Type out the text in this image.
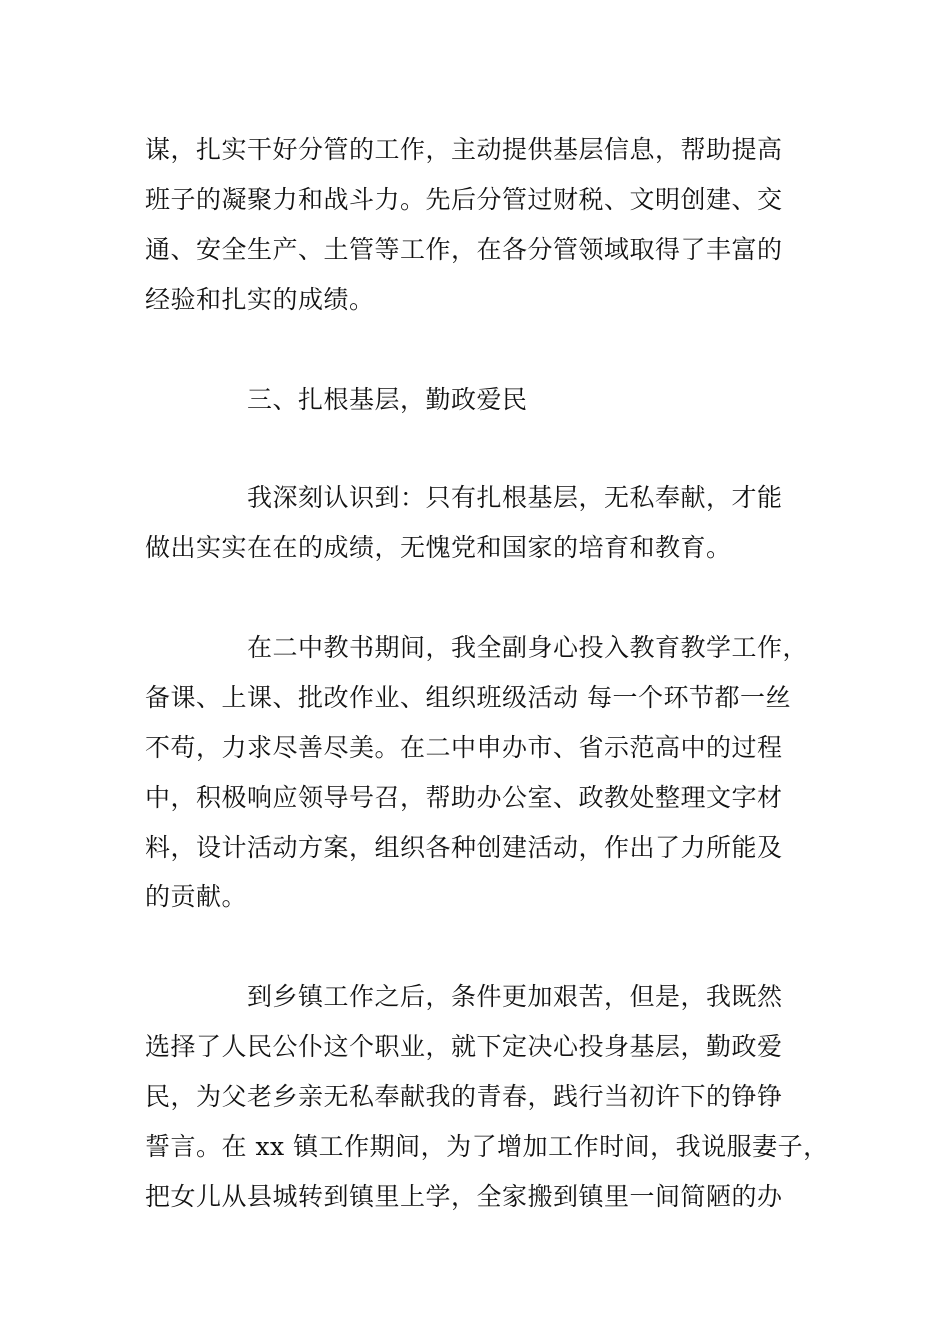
谋，扎实干好分管的工作，主动提供基层信息，帮助提高
班子的凝聚力和战斗力。先后分管过财税、文明创建、交
通、安全生产、土管等工作，在各分管领域取得了丰富的
经验和扎实的成绩。
三、扎根基层，勤政爱民
我深刻认识到：只有扎根基层，无私奉献，才能
做出实实在在的成绩，无愧党和国家的培育和教育。
在二中教书期间，我全副身心投入教育教学工作，
备课、上课、批改作业、组织班级活动 每一个环节都一丝
不苟，力求尽善尽美。在二中申办市、省示范高中的过程
中，积极响应领导号召，帮助办公室、政教处整理文字材
料，设计活动方案，组织各种创建活动，作出了力所能及
的贡献。
到乡镇工作之后，条件更加艰苦，但是，我既然
选择了人民公仆这个职业，就下定决心投身基层，勤政爱
民，为父老乡亲无私奉献我的青春，践行当初许下的铮铮
誓言。在 xx 镇工作期间，为了增加工作时间，我说服妻子，
把女儿从县城转到镇里上学，全家搬到镇里一间简陋的办
